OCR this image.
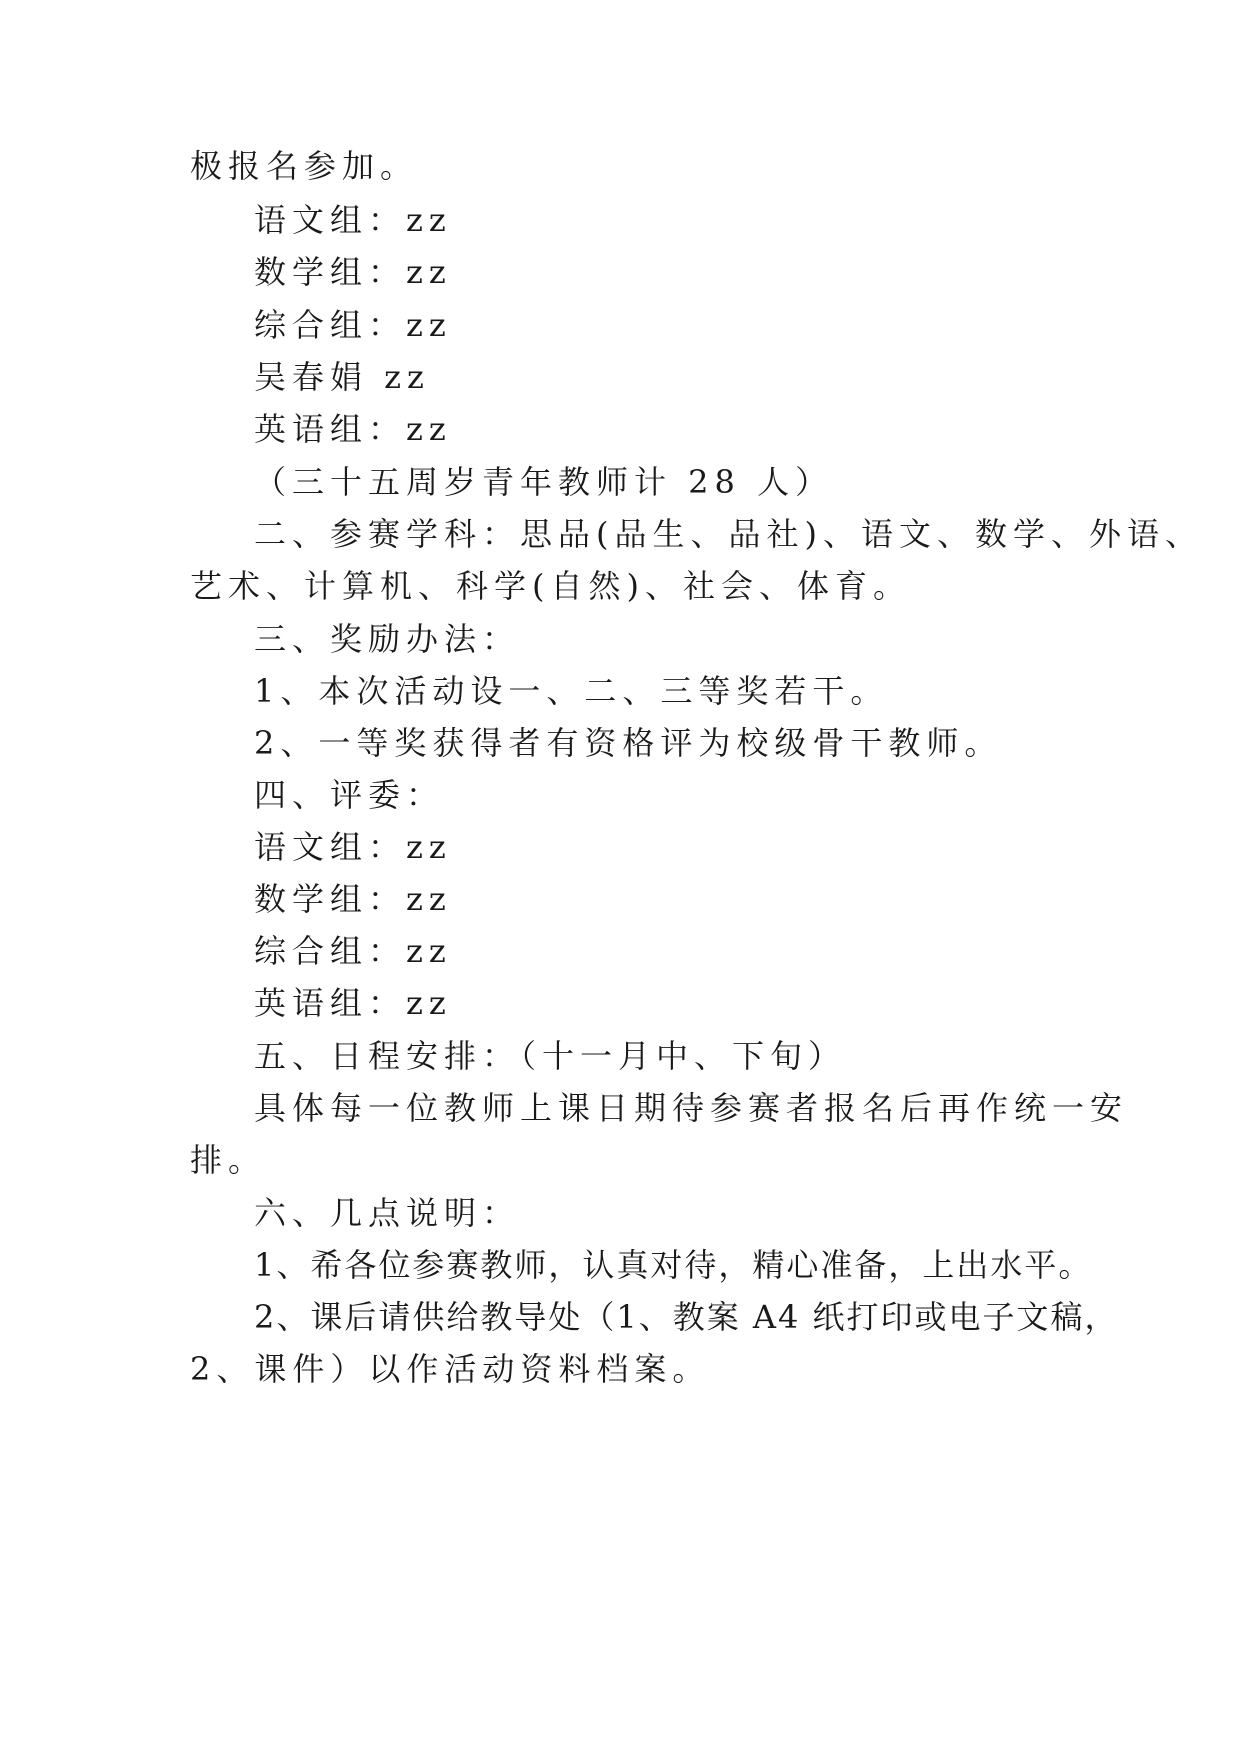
极报名参加。
语文组：zz
数学组：zz
综合组：zz
吴春娟 zz
英语组：zz
（三十五周岁青年教师计 28 人）
二、参赛学科：思品(品生、品社)、语文、数学、外语、
艺术、计算机、科学(自然)、社会、体育。
三、奖励办法：
1、本次活动设一、二、三等奖若干。
2、一等奖获得者有资格评为校级骨干教师。
四、评委：
语文组：zz
数学组：zz
综合组：zz
英语组：zz
五、日程安排：（十一月中、下旬）
具体每一位教师上课日期待参赛者报名后再作统一安
排。
六、几点说明：
1、希各位参赛教师，认真对待，精心准备，上出水平。
2、课后请供给教导处（1、教案 A4 纸打印或电子文稿，
2、课件）以作活动资料档案。
